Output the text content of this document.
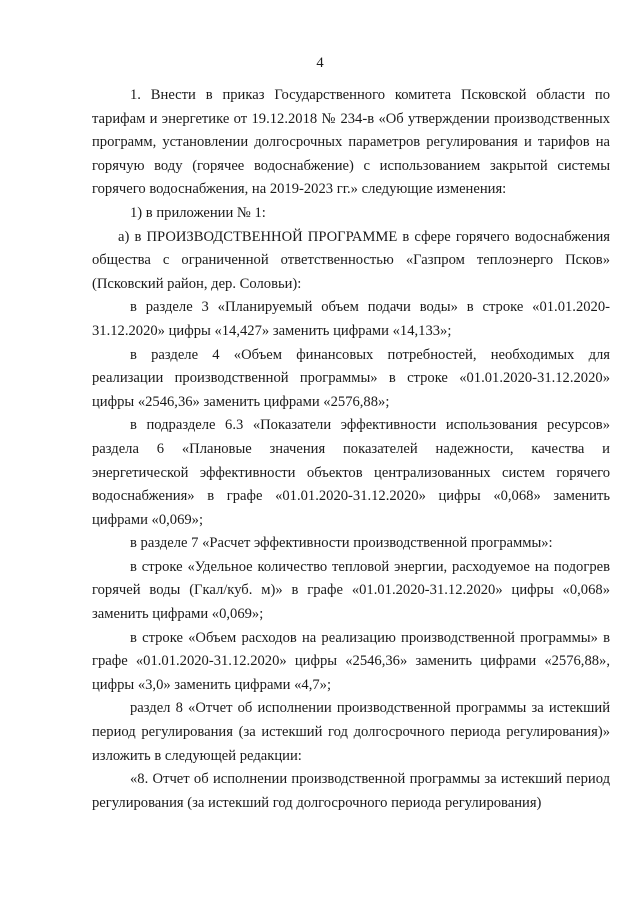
4

1. Внести в приказ Государственного комитета Псковской области по тарифам и энергетике от 19.12.2018 № 234-в «Об утверждении производственных программ, установлении долгосрочных параметров регулирования и тарифов на горячую воду (горячее водоснабжение) с использованием закрытой системы горячего водоснабжения, на 2019-2023 гг.» следующие изменения:

1) в приложении № 1:

а) в ПРОИЗВОДСТВЕННОЙ ПРОГРАММЕ в сфере горячего водоснабжения общества с ограниченной ответственностью «Газпром теплоэнерго Псков» (Псковский район, дер. Соловьи):

в разделе 3 «Планируемый объем подачи воды» в строке «01.01.2020-31.12.2020» цифры «14,427» заменить цифрами «14,133»;

в разделе 4 «Объем финансовых потребностей, необходимых для реализации производственной программы» в строке «01.01.2020-31.12.2020» цифры «2546,36» заменить цифрами «2576,88»;

в подразделе 6.3 «Показатели эффективности использования ресурсов» раздела 6 «Плановые значения показателей надежности, качества и энергетической эффективности объектов централизованных систем горячего водоснабжения» в графе «01.01.2020-31.12.2020» цифры «0,068» заменить цифрами «0,069»;

в разделе 7 «Расчет эффективности производственной программы»:

в строке «Удельное количество тепловой энергии, расходуемое на подогрев горячей воды (Гкал/куб. м)» в графе «01.01.2020-31.12.2020» цифры «0,068» заменить цифрами «0,069»;

в строке «Объем расходов на реализацию производственной программы» в графе «01.01.2020-31.12.2020» цифры «2546,36» заменить цифрами «2576,88», цифры «3,0» заменить цифрами «4,7»;

раздел 8 «Отчет об исполнении производственной программы за истекший период регулирования (за истекший год долгосрочного периода регулирования)» изложить в следующей редакции:

«8. Отчет об исполнении производственной программы за истекший период регулирования (за истекший год долгосрочного периода регулирования)
